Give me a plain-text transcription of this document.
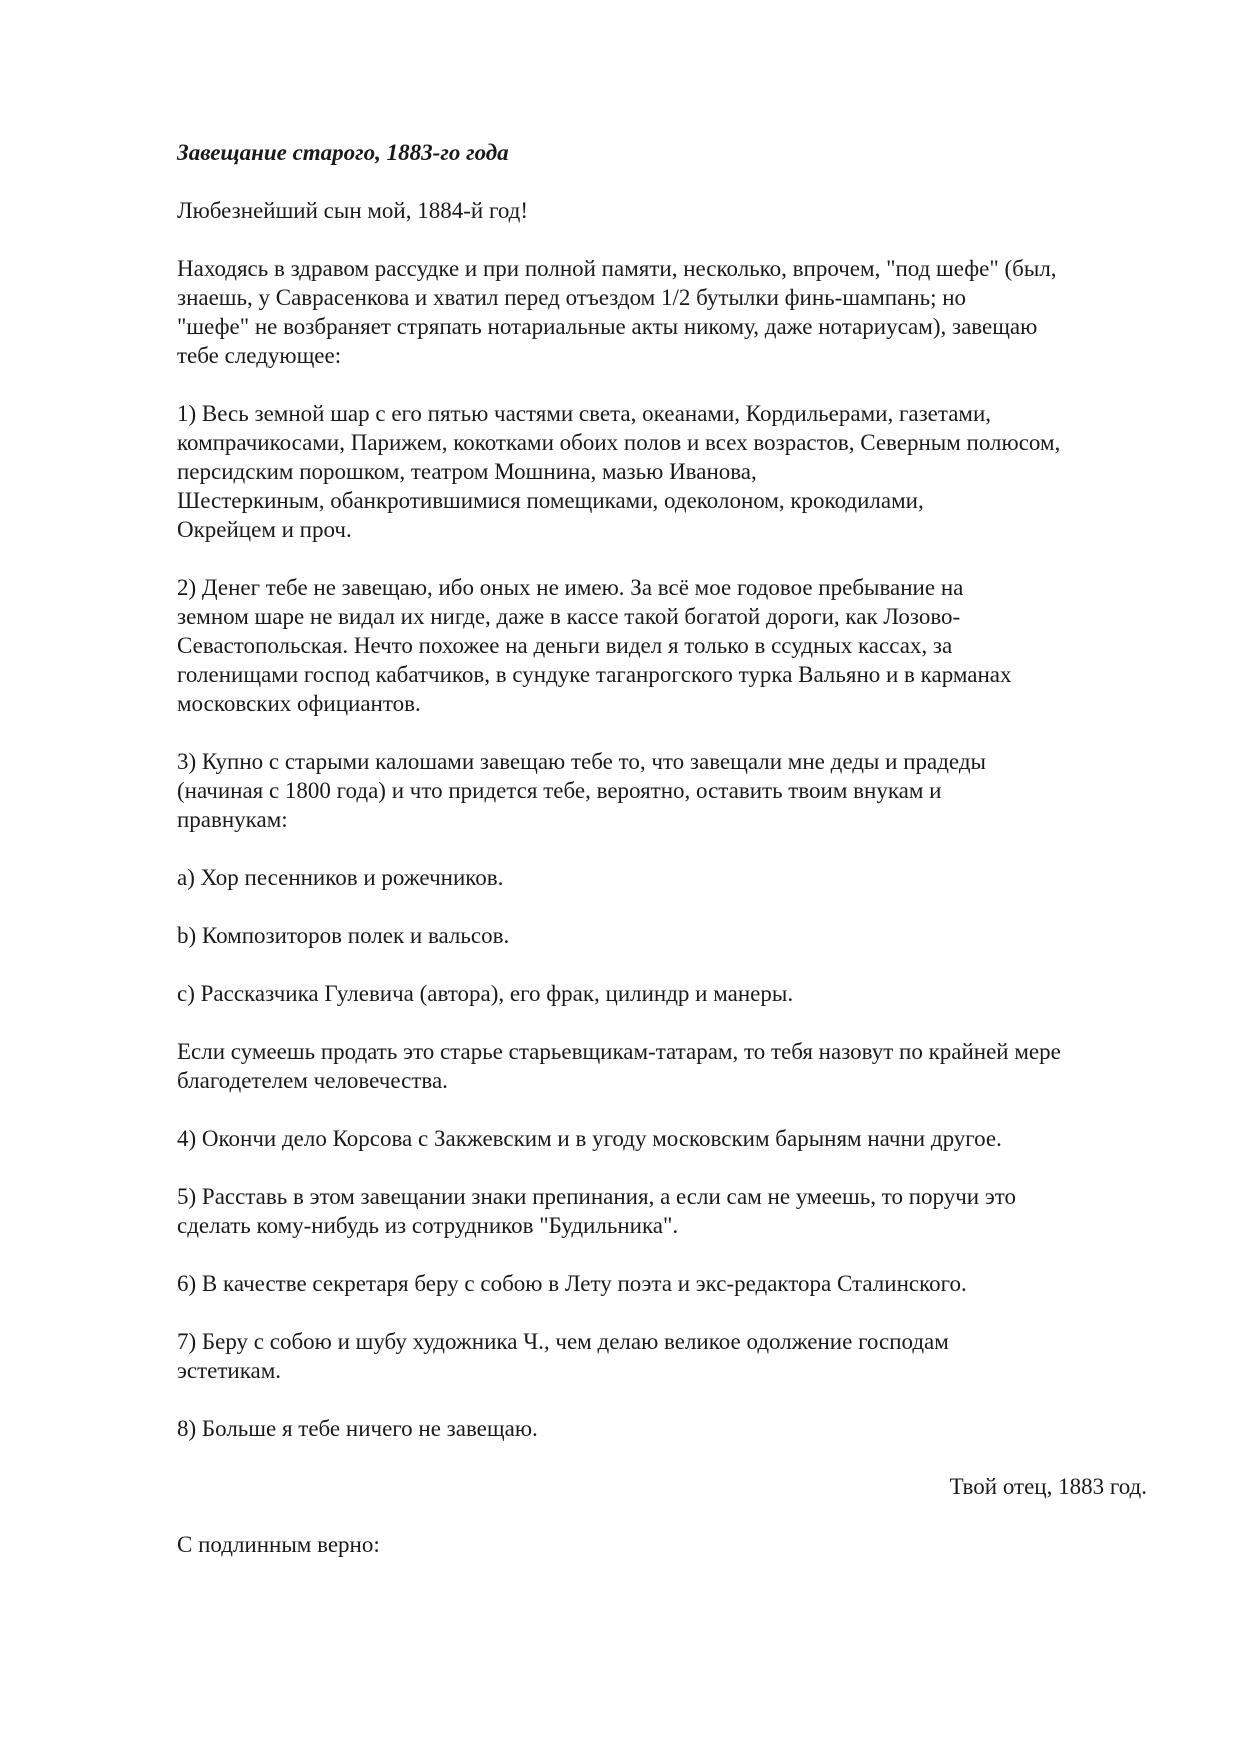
Завещание старого, 1883-го года
Любезнейший сын мой, 1884-й год!
Находясь в здравом рассудке и при полной памяти, несколько, впрочем, "под шефе" (был,
знаешь, у Саврасенкова и хватил перед отъездом 1/2 бутылки финь-шампань; но
"шефе" не возбраняет стряпать нотариальные акты никому, даже нотариусам), завещаю
тебе следующее:
1) Весь земной шар с его пятью частями света, океанами, Кордильерами, газетами,
компрачикосами, Парижем, кокотками обоих полов и всех возрастов, Северным полюсом,
персидским порошком, театром Мошнина, мазью Иванова,
Шестеркиным, обанкротившимися помещиками, одеколоном, крокодилами,
Окрейцем и проч.
2) Денег тебе не завещаю, ибо оных не имею. За всё мое годовое пребывание на
земном шаре не видал их нигде, даже в кассе такой богатой дороги, как Лозово-
Севастопольская. Нечто похожее на деньги видел я только в ссудных кассах, за
голенищами господ кабатчиков, в сундуке таганрогского турка Вальяно и в карманах
московских официантов.
3) Купно с старыми калошами завещаю тебе то, что завещали мне деды и прадеды
(начиная с 1800 года) и что придется тебе, вероятно, оставить твоим внукам и
правнукам:
а) Хор песенников и рожечников.
b) Композиторов полек и вальсов.
с) Рассказчика Гулевича (автора), его фрак, цилиндр и манеры.
Если сумеешь продать это старье старьевщикам-татарам, то тебя назовут по крайней мере
благодетелем человечества.
4) Окончи дело Корсова с Закжевским и в угоду московским барыням начни другое.
5) Расставь в этом завещании знаки препинания, а если сам не умеешь, то поручи это
сделать кому-нибудь из сотрудников "Будильника".
6) В качестве секретаря беру с собою в Лету поэта и экс-редактора Сталинского.
7) Беру с собою и шубу художника Ч., чем делаю великое одолжение господам
эстетикам.
8) Больше я тебе ничего не завещаю.
Твой отец, 1883 год.
С подлинным верно:
